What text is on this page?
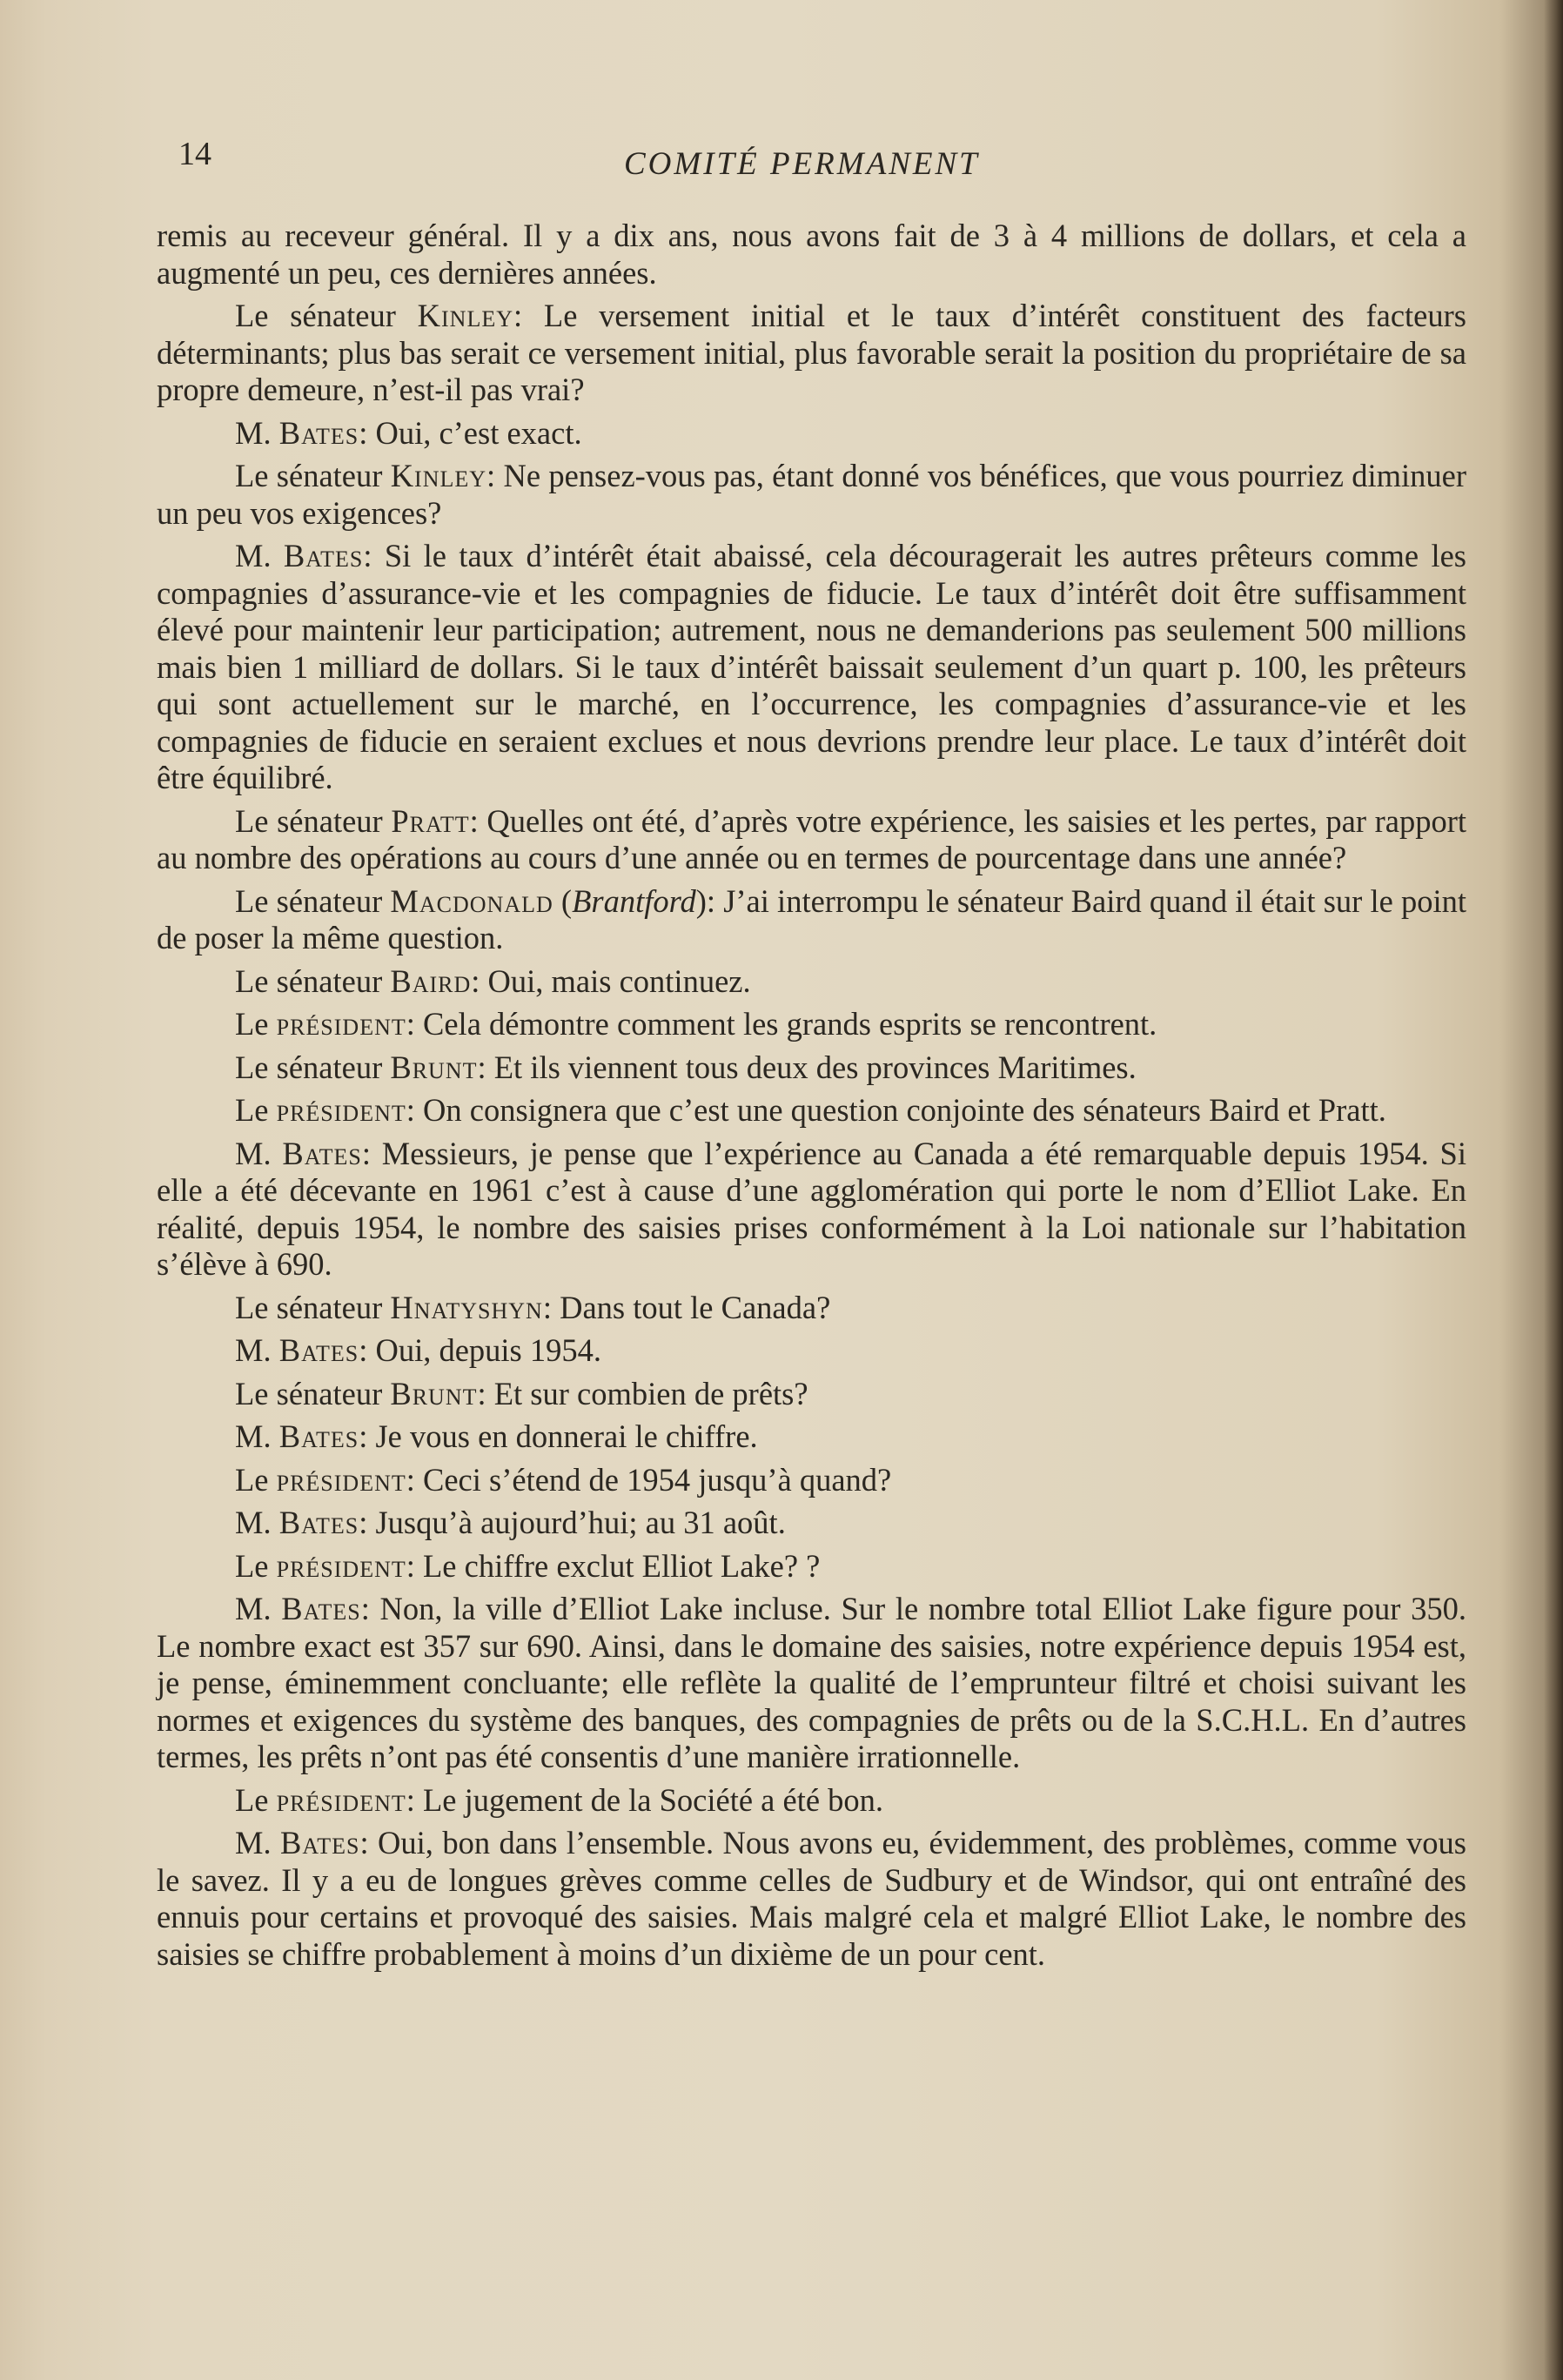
14	COMITÉ PERMANENT

remis au receveur général. Il y a dix ans, nous avons fait de 3 à 4 millions de dollars, et cela a augmenté un peu, ces dernières années.

Le sénateur Kinley: Le versement initial et le taux d’intérêt constituent des facteurs déterminants; plus bas serait ce versement initial, plus favorable serait la position du propriétaire de sa propre demeure, n’est-il pas vrai?

M. Bates: Oui, c’est exact.

Le sénateur Kinley: Ne pensez-vous pas, étant donné vos bénéfices, que vous pourriez diminuer un peu vos exigences?

M. Bates: Si le taux d’intérêt était abaissé, cela découragerait les autres prêteurs comme les compagnies d’assurance-vie et les compagnies de fiducie. Le taux d’intérêt doit être suffisamment élevé pour maintenir leur participation; autrement, nous ne demanderions pas seulement 500 millions mais bien 1 milliard de dollars. Si le taux d’intérêt baissait seulement d’un quart p. 100, les prêteurs qui sont actuellement sur le marché, en l’occurrence, les compagnies d’assurance-vie et les compagnies de fiducie en seraient exclues et nous devrions prendre leur place. Le taux d’intérêt doit être équilibré.

Le sénateur Pratt: Quelles ont été, d’après votre expérience, les saisies et les pertes, par rapport au nombre des opérations au cours d’une année ou en termes de pourcentage dans une année?

Le sénateur Macdonald (Brantford): J’ai interrompu le sénateur Baird quand il était sur le point de poser la même question.

Le sénateur Baird: Oui, mais continuez.

Le président: Cela démontre comment les grands esprits se rencontrent.

Le sénateur Brunt: Et ils viennent tous deux des provinces Maritimes.

Le président: On consignera que c’est une question conjointe des sénateurs Baird et Pratt.

M. Bates: Messieurs, je pense que l’expérience au Canada a été remarquable depuis 1954. Si elle a été décevante en 1961 c’est à cause d’une agglomération qui porte le nom d’Elliot Lake. En réalité, depuis 1954, le nombre des saisies prises conformément à la Loi nationale sur l’habitation s’élève à 690.

Le sénateur Hnatyshyn: Dans tout le Canada?

M. Bates: Oui, depuis 1954.

Le sénateur Brunt: Et sur combien de prêts?

M. Bates: Je vous en donnerai le chiffre.

Le président: Ceci s’étend de 1954 jusqu’à quand?

M. Bates: Jusqu’à aujourd’hui; au 31 août.

Le président: Le chiffre exclut Elliot Lake? ?

M. Bates: Non, la ville d’Elliot Lake incluse. Sur le nombre total Elliot Lake figure pour 350. Le nombre exact est 357 sur 690. Ainsi, dans le domaine des saisies, notre expérience depuis 1954 est, je pense, éminemment concluante; elle reflète la qualité de l’emprunteur filtré et choisi suivant les normes et exigences du système des banques, des compagnies de prêts ou de la S.C.H.L. En d’autres termes, les prêts n’ont pas été consentis d’une manière irrationnelle.

Le président: Le jugement de la Société a été bon.

M. Bates: Oui, bon dans l’ensemble. Nous avons eu, évidemment, des problèmes, comme vous le savez. Il y a eu de longues grèves comme celles de Sudbury et de Windsor, qui ont entraîné des ennuis pour certains et provoqué des saisies. Mais malgré cela et malgré Elliot Lake, le nombre des saisies se chiffre probablement à moins d’un dixième de un pour cent.
